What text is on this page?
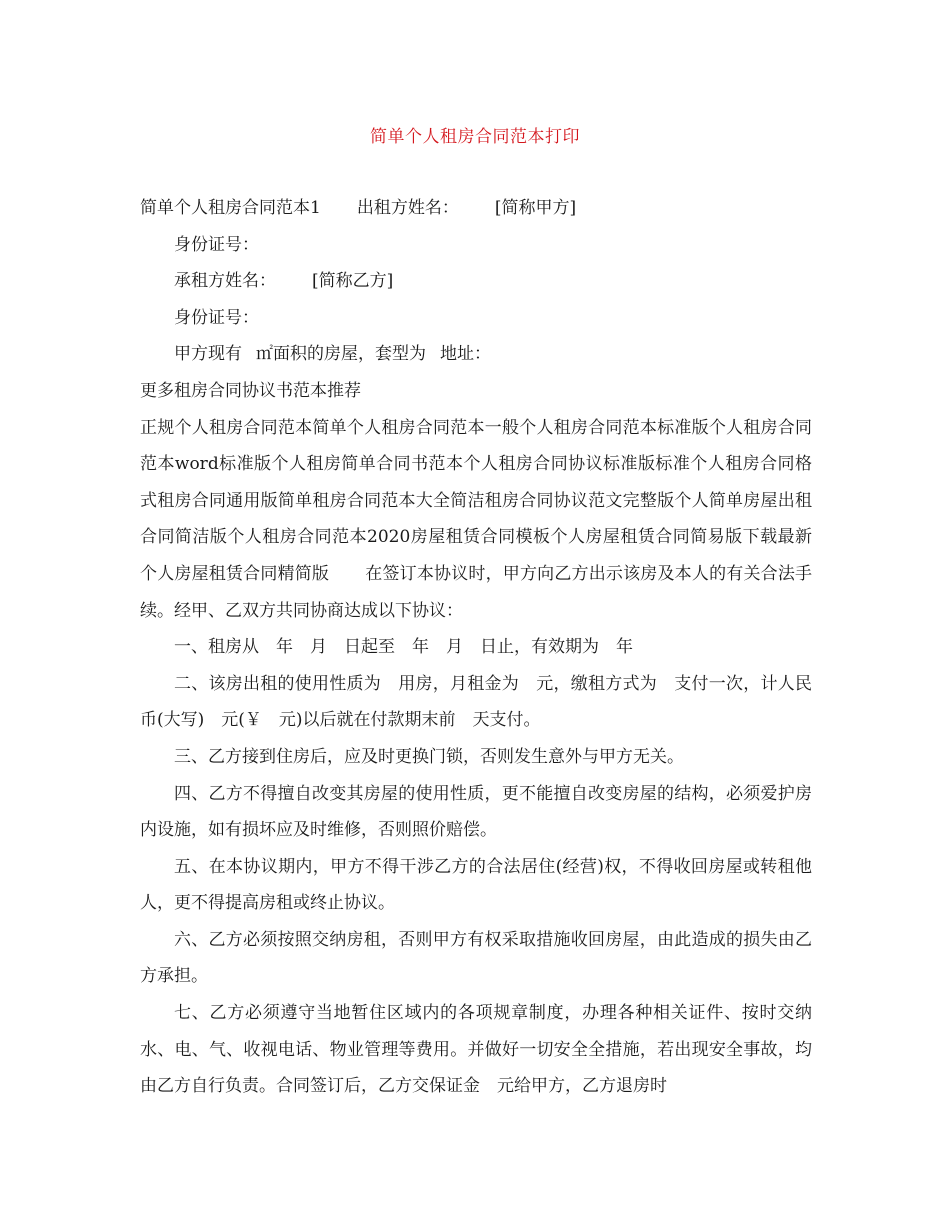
简单个人租房合同范本打印

简单个人租房合同范本1 出租方姓名： [简称甲方]

身份证号：

承租方姓名： [简称乙方]

身份证号：

甲方现有 ㎡面积的房屋，套型为 地址：

更多租房合同协议书范本推荐

正规个人租房合同范本简单个人租房合同范本一般个人租房合同范本标准版个人租房合同范本word标准版个人租房简单合同书范本个人租房合同协议标准版标准个人租房合同格式租房合同通用版简单租房合同范本大全简洁租房合同协议范文完整版个人简单房屋出租合同简洁版个人租房合同范本2020房屋租赁合同模板个人房屋租赁合同简易版下载最新个人房屋租赁合同精简版 在签订本协议时，甲方向乙方出示该房及本人的有关合法手续。经甲、乙双方共同协商达成以下协议：

一、租房从　年　月　日起至　年　月　日止，有效期为　年

二、该房出租的使用性质为　用房，月租金为　元，缴租方式为　支付一次，计人民币(大写)　元(￥　元)以后就在付款期末前　天支付。

三、乙方接到住房后，应及时更换门锁，否则发生意外与甲方无关。

四、乙方不得擅自改变其房屋的使用性质，更不能擅自改变房屋的结构，必须爱护房内设施，如有损坏应及时维修，否则照价赔偿。

五、在本协议期内，甲方不得干涉乙方的合法居住(经营)权，不得收回房屋或转租他人，更不得提高房租或终止协议。

六、乙方必须按照交纳房租，否则甲方有权采取措施收回房屋，由此造成的损失由乙方承担。

七、乙方必须遵守当地暂住区域内的各项规章制度，办理各种相关证件、按时交纳水、电、气、收视电话、物业管理等费用。并做好一切安全全措施，若出现安全事故，均由乙方自行负责。合同签订后，乙方交保证金　元给甲方，乙方退房时
